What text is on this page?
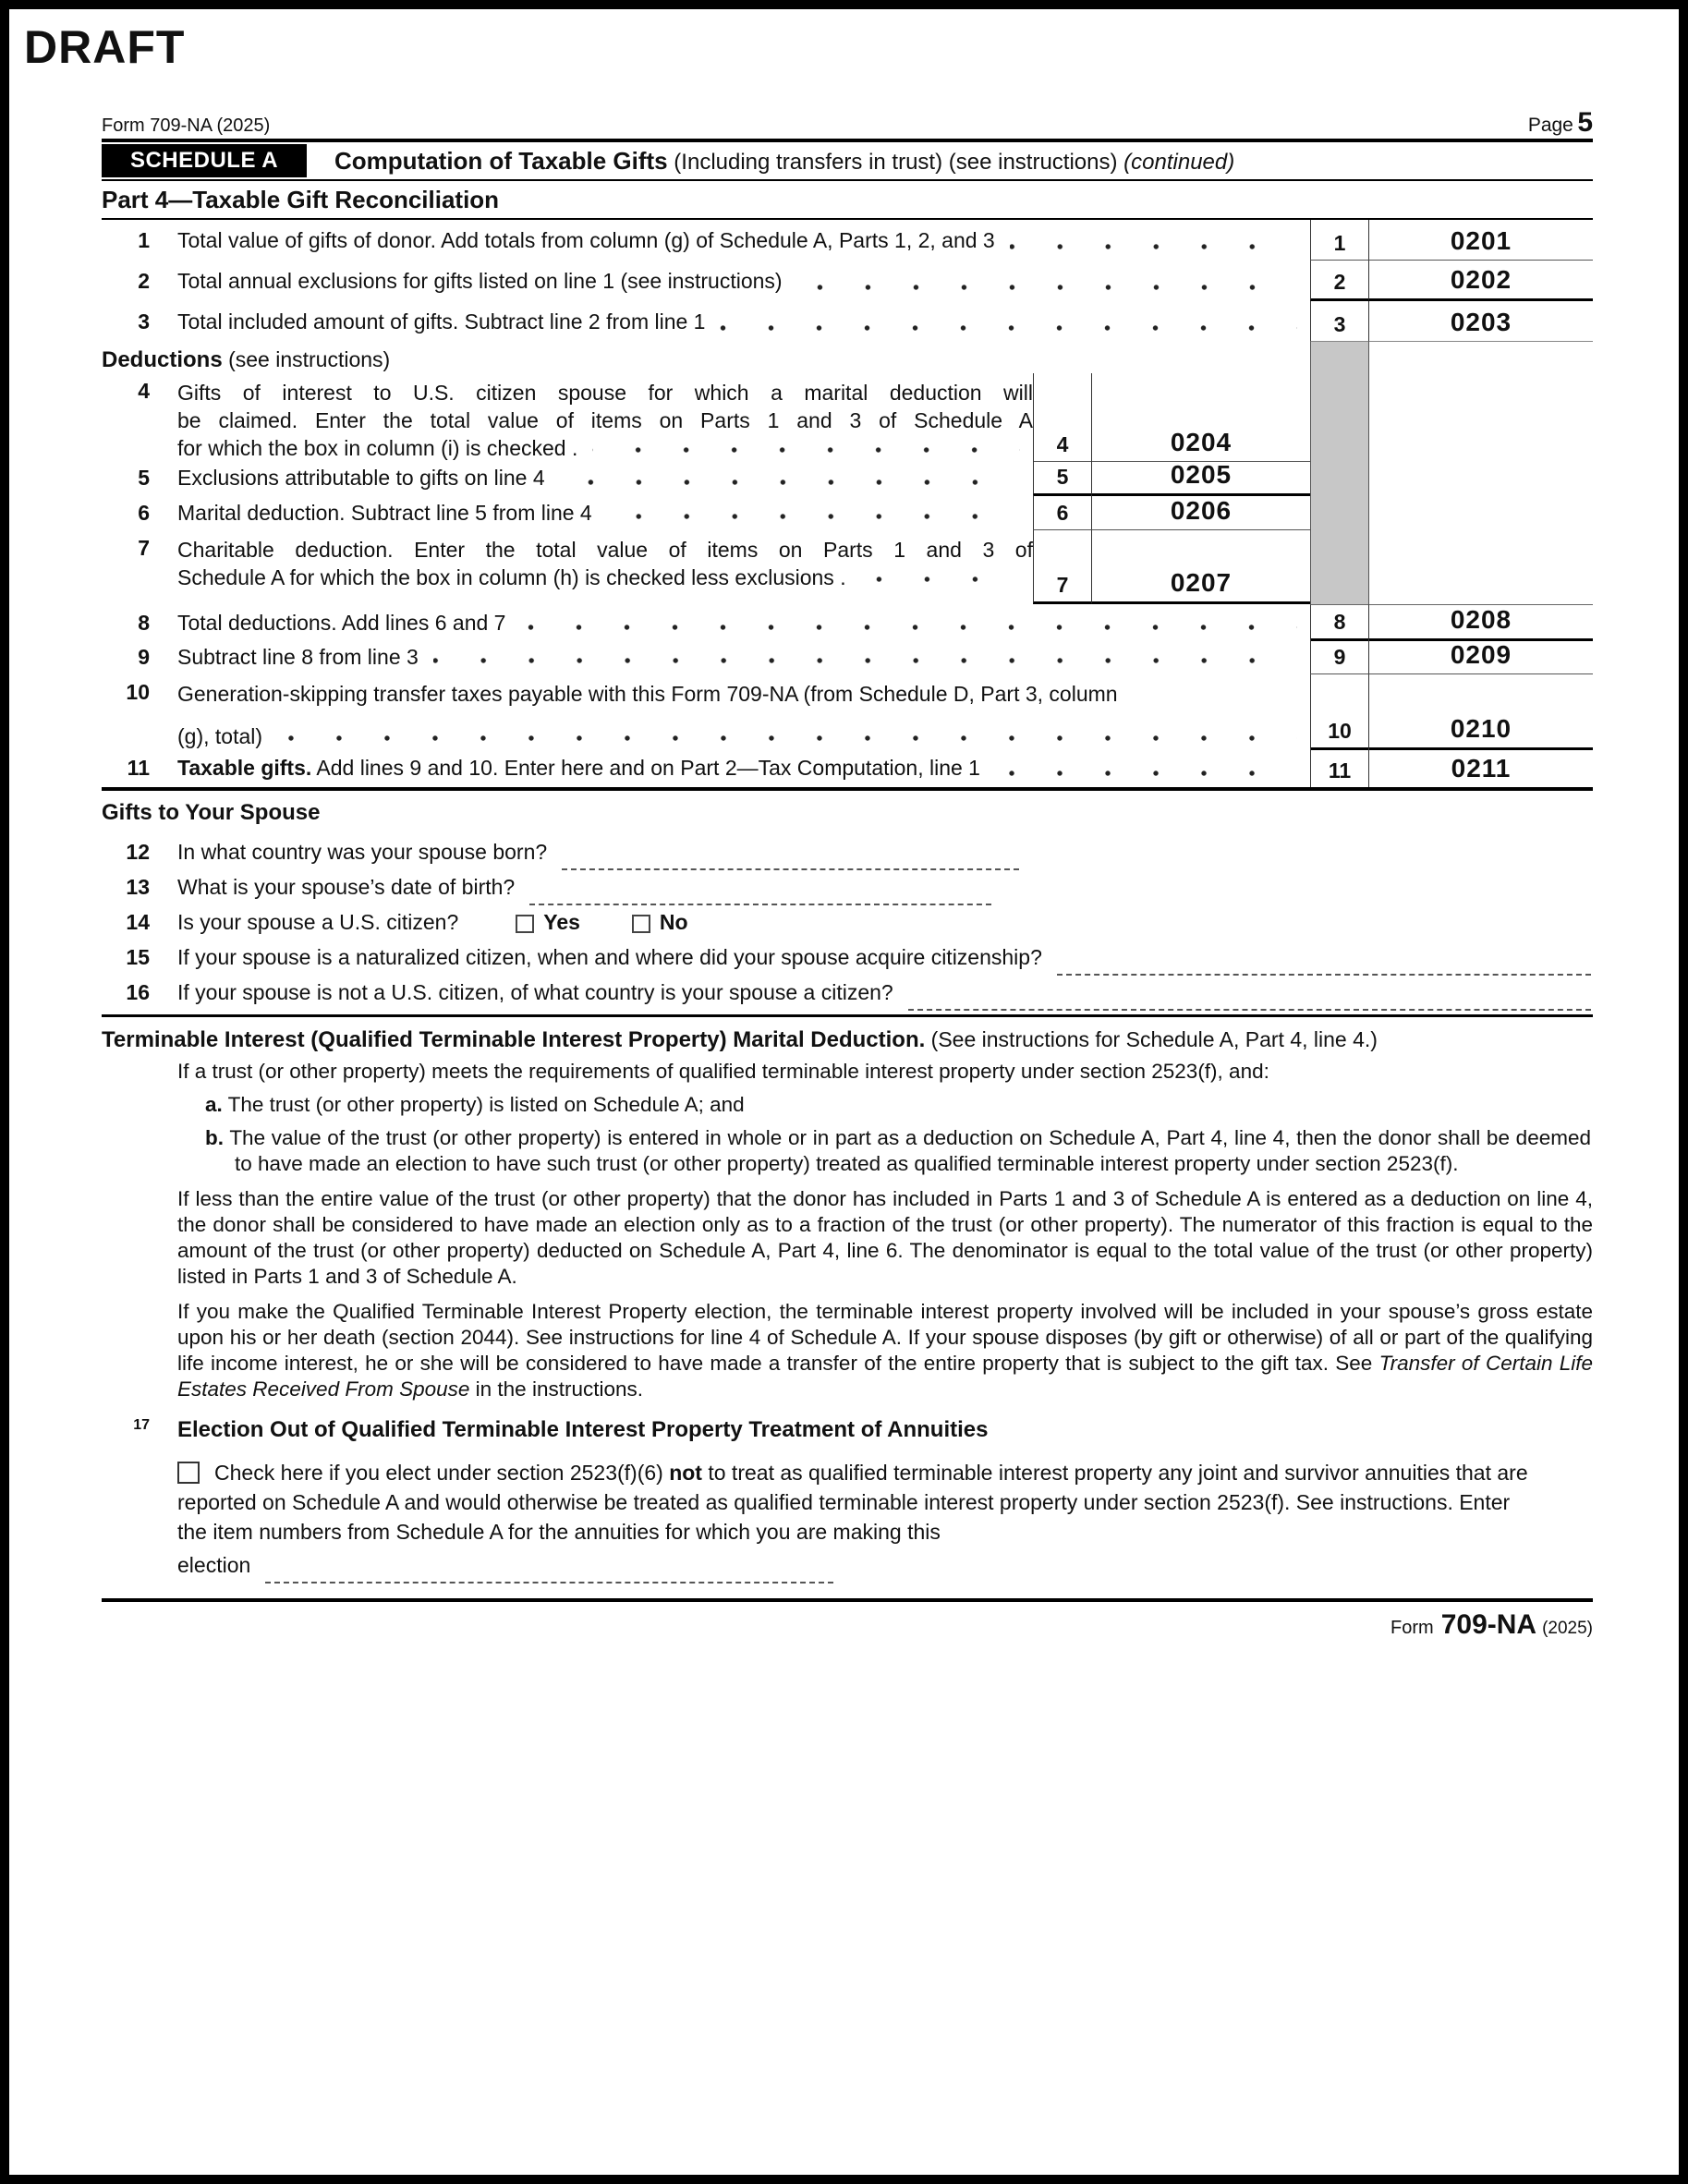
DRAFT
Form 709-NA (2025)	Page 5
SCHEDULE A	Computation of Taxable Gifts (Including transfers in trust) (see instructions) (continued)
Part 4—Taxable Gift Reconciliation
1	Total value of gifts of donor. Add totals from column (g) of Schedule A, Parts 1, 2, and 3	1	0201
2	Total annual exclusions for gifts listed on line 1 (see instructions)	2	0202
3	Total included amount of gifts. Subtract line 2 from line 1	3	0203
Deductions (see instructions)
4	Gifts of interest to U.S. citizen spouse for which a marital deduction will
be claimed. Enter the total value of items on Parts 1 and 3 of Schedule A
for which the box in column (i) is checked .	4	0204
5	Exclusions attributable to gifts on line 4	5	0205
6	Marital deduction. Subtract line 5 from line 4	6	0206
7	Charitable deduction. Enter the total value of items on Parts 1 and 3 of
Schedule A for which the box in column (h) is checked less exclusions .	7	0207
8	Total deductions. Add lines 6 and 7	8	0208
9	Subtract line 8 from line 3	9	0209
10	Generation-skipping transfer taxes payable with this Form 709-NA (from Schedule D, Part 3, column
(g), total)	10	0210
11	Taxable gifts. Add lines 9 and 10. Enter here and on Part 2—Tax Computation, line 1	11	0211
Gifts to Your Spouse
12	In what country was your spouse born?
13	What is your spouse’s date of birth?
14	Is your spouse a U.S. citizen?	Yes	No
15	If your spouse is a naturalized citizen, when and where did your spouse acquire citizenship?
16	If your spouse is not a U.S. citizen, of what country is your spouse a citizen?
Terminable Interest (Qualified Terminable Interest Property) Marital Deduction. (See instructions for Schedule A, Part 4, line 4.)
If a trust (or other property) meets the requirements of qualified terminable interest property under section 2523(f), and:
a. The trust (or other property) is listed on Schedule A; and
b. The value of the trust (or other property) is entered in whole or in part as a deduction on Schedule A, Part 4, line 4, then the donor shall be deemed to have made an election to have such trust (or other property) treated as qualified terminable interest property under section 2523(f).
If less than the entire value of the trust (or other property) that the donor has included in Parts 1 and 3 of Schedule A is entered as a deduction on line 4, the donor shall be considered to have made an election only as to a fraction of the trust (or other property). The numerator of this fraction is equal to the amount of the trust (or other property) deducted on Schedule A, Part 4, line 6. The denominator is equal to the total value of the trust (or other property) listed in Parts 1 and 3 of Schedule A.
If you make the Qualified Terminable Interest Property election, the terminable interest property involved will be included in your spouse’s gross estate upon his or her death (section 2044). See instructions for line 4 of Schedule A. If your spouse disposes (by gift or otherwise) of all or part of the qualifying life income interest, he or she will be considered to have made a transfer of the entire property that is subject to the gift tax. See Transfer of Certain Life Estates Received From Spouse in the instructions.
17	Election Out of Qualified Terminable Interest Property Treatment of Annuities
Check here if you elect under section 2523(f)(6) not to treat as qualified terminable interest property any joint and survivor annuities that are reported on Schedule A and would otherwise be treated as qualified terminable interest property under section 2523(f). See instructions. Enter the item numbers from Schedule A for the annuities for which you are making this
election
Form 709-NA (2025)
